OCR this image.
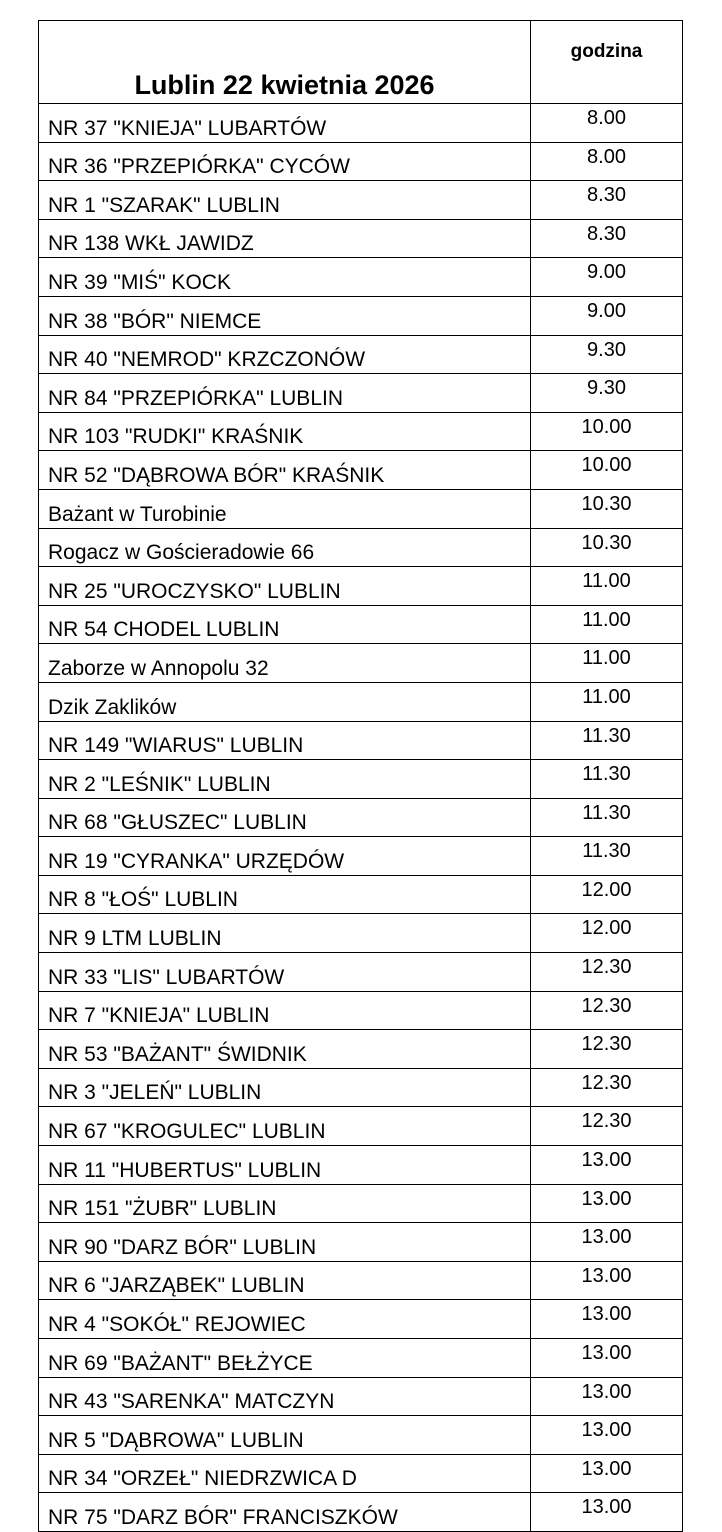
Lublin 22 kwietnia 2026	godzina
NR 37 "KNIEJA" LUBARTÓW	8.00
NR 36 "PRZEPIÓRKA" CYCÓW	8.00
NR 1 "SZARAK" LUBLIN	8.30
NR 138 WKŁ JAWIDZ	8.30
NR 39 "MIŚ" KOCK	9.00
NR 38 "BÓR" NIEMCE	9.00
NR 40 "NEMROD" KRZCZONÓW	9.30
NR 84 "PRZEPIÓRKA" LUBLIN	9.30
NR 103 "RUDKI" KRAŚNIK	10.00
NR 52 "DĄBROWA BÓR" KRAŚNIK	10.00
Bażant w Turobinie	10.30
Rogacz w Gościeradowie 66	10.30
NR 25 "UROCZYSKO" LUBLIN	11.00
NR 54 CHODEL LUBLIN	11.00
Zaborze w Annopolu 32	11.00
Dzik Zaklików	11.00
NR 149 "WIARUS" LUBLIN	11.30
NR 2 "LEŚNIK" LUBLIN	11.30
NR 68 "GŁUSZEC" LUBLIN	11.30
NR 19 "CYRANKA" URZĘDÓW	11.30
NR 8 "ŁOŚ" LUBLIN	12.00
NR 9 LTM LUBLIN	12.00
NR 33 "LIS" LUBARTÓW	12.30
NR 7 "KNIEJA" LUBLIN	12.30
NR 53 "BAŻANT" ŚWIDNIK	12.30
NR 3 "JELEŃ" LUBLIN	12.30
NR 67 "KROGULEC" LUBLIN	12.30
NR 11 "HUBERTUS" LUBLIN	13.00
NR 151 "ŻUBR" LUBLIN	13.00
NR 90 "DARZ BÓR" LUBLIN	13.00
NR 6 "JARZĄBEK" LUBLIN	13.00
NR 4 "SOKÓŁ" REJOWIEC	13.00
NR 69 "BAŻANT" BEŁŻYCE	13.00
NR 43 "SARENKA" MATCZYN	13.00
NR 5 "DĄBROWA" LUBLIN	13.00
NR 34 "ORZEŁ" NIEDRZWICA D	13.00
NR 75 "DARZ BÓR" FRANCISZKÓW	13.00
